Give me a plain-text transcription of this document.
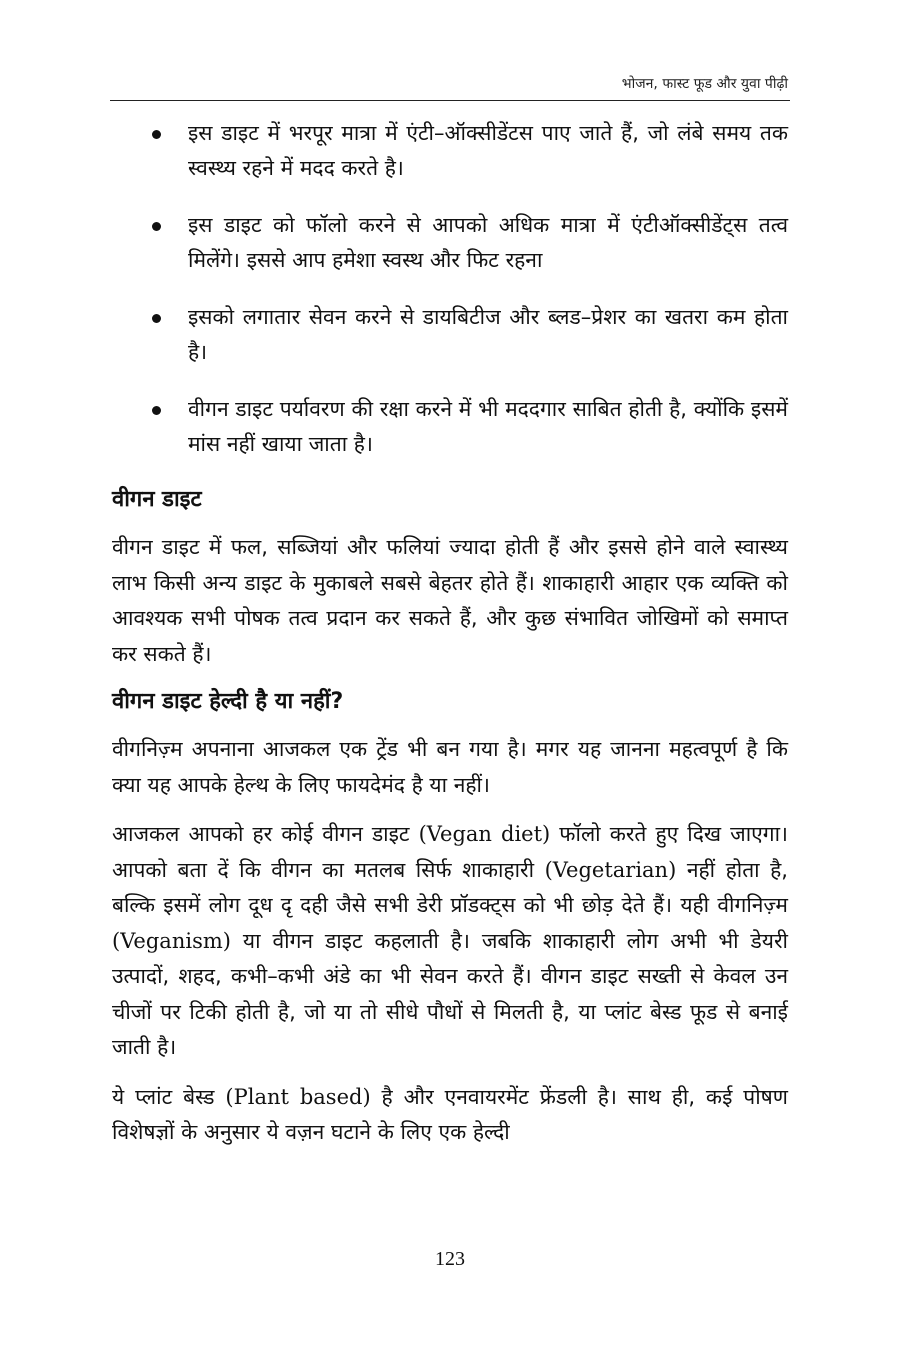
भोजन, फास्ट फूड और युवा पीढ़ी
इस डाइट में भरपूर मात्रा में एंटी–ऑक्सीडेंटस पाए जाते हैं, जो लंबे समय तक स्वस्थ्य रहने में मदद करते है।
इस डाइट को फॉलो करने से आपको अधिक मात्रा में एंटीऑक्सीडेंट्स तत्व मिलेंगे। इससे आप हमेशा स्वस्थ और फिट रहना
इसको लगातार सेवन करने से डायबिटीज और ब्लड–प्रेशर का खतरा कम होता है।
वीगन डाइट पर्यावरण की रक्षा करने में भी मददगार साबित होती है, क्योंकि इसमें मांस नहीं खाया जाता है।
वीगन डाइट

वीगन डाइट में फल, सब्जियां और फलियां ज्यादा होती हैं और इससे होने वाले स्वास्थ्य लाभ किसी अन्य डाइट के मुकाबले सबसे बेहतर होते हैं। शाकाहारी आहार एक व्यक्ति को आवश्यक सभी पोषक तत्व प्रदान कर सकते हैं, और कुछ संभावित जोखिमों को समाप्त कर सकते हैं।

वीगन डाइट हेल्दी है या नहीं?

वीगनिज़्म अपनाना आजकल एक ट्रेंड भी बन गया है। मगर यह जानना महत्वपूर्ण है कि क्या यह आपके हेल्थ के लिए फायदेमंद है या नहीं।

आजकल आपको हर कोई वीगन डाइट (Vegan diet) फॉलो करते हुए दिख जाएगा। आपको बता दें कि वीगन का मतलब सिर्फ शाकाहारी (Vegetarian) नहीं होता है, बल्कि इसमें लोग दूध दृ दही जैसे सभी डेरी प्रॉडक्ट्स को भी छोड़ देते हैं। यही वीगनिज़्म (Veganism) या वीगन डाइट कहलाती है। जबकि शाकाहारी लोग अभी भी डेयरी उत्पादों, शहद, कभी–कभी अंडे का भी सेवन करते हैं। वीगन डाइट सख्ती से केवल उन चीजों पर टिकी होती है, जो या तो सीधे पौधों से मिलती है, या प्लांट बेस्ड फूड से बनाई जाती है।

ये प्लांट बेस्ड (Plant based) है और एनवायरमेंट फ्रेंडली है। साथ ही, कई पोषण विशेषज्ञों के अनुसार ये वज़न घटाने के लिए एक हेल्दी

123
